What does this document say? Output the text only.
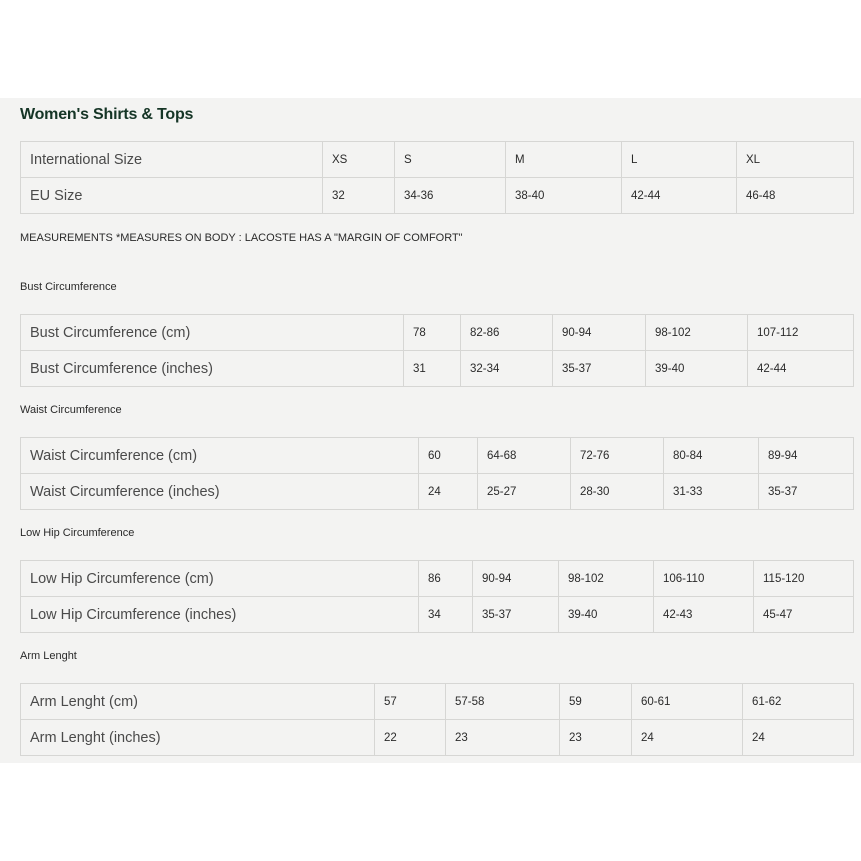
Women's Shirts & Tops
International Size	XS	S	M	L	XL
EU Size	32	34-36	38-40	42-44	46-48
MEASUREMENTS *MEASURES ON BODY : LACOSTE HAS A "MARGIN OF COMFORT"
Bust Circumference
Bust Circumference (cm)	78	82-86	90-94	98-102	107-112
Bust Circumference (inches)	31	32-34	35-37	39-40	42-44
Waist Circumference
Waist Circumference (cm)	60	64-68	72-76	80-84	89-94
Waist Circumference (inches)	24	25-27	28-30	31-33	35-37
Low Hip Circumference
Low Hip Circumference (cm)	86	90-94	98-102	106-110	115-120
Low Hip Circumference (inches)	34	35-37	39-40	42-43	45-47
Arm Lenght
Arm Lenght (cm)	57	57-58	59	60-61	61-62
Arm Lenght (inches)	22	23	23	24	24
